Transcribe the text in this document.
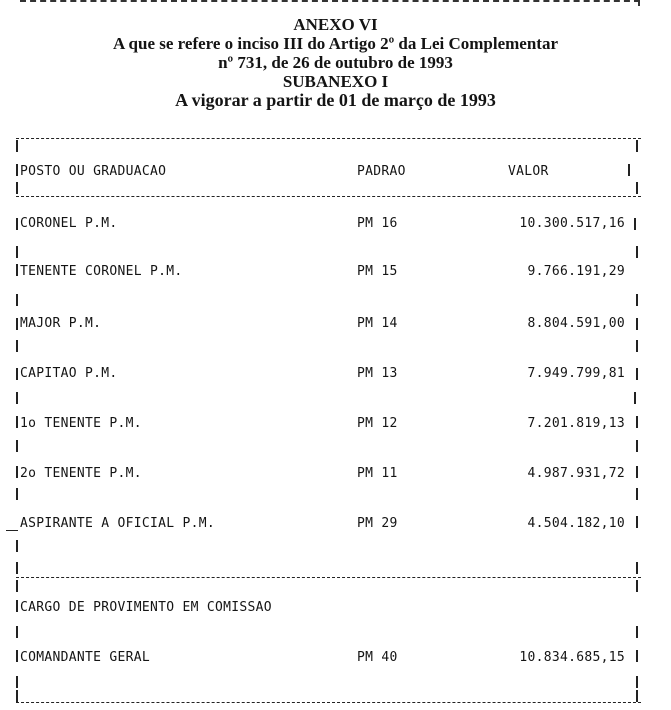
ANEXO VI
A que se refere o inciso III do Artigo 2º da Lei Complementar
nº 731, de 26 de outubro de 1993
SUBANEXO I
A vigorar a partir de 01 de março de 1993
POSTO OU GRADUACAO	PADRAO	VALOR
CORONEL P.M.	PM 16	10.300.517,16
TENENTE CORONEL P.M.	PM 15	9.766.191,29
MAJOR P.M.	PM 14	8.804.591,00
CAPITAO P.M.	PM 13	7.949.799,81
1o TENENTE P.M.	PM 12	7.201.819,13
2o TENENTE P.M.	PM 11	4.987.931,72
ASPIRANTE A OFICIAL P.M.	PM 29	4.504.182,10
CARGO DE PROVIMENTO EM COMISSAO
COMANDANTE GERAL	PM 40	10.834.685,15
